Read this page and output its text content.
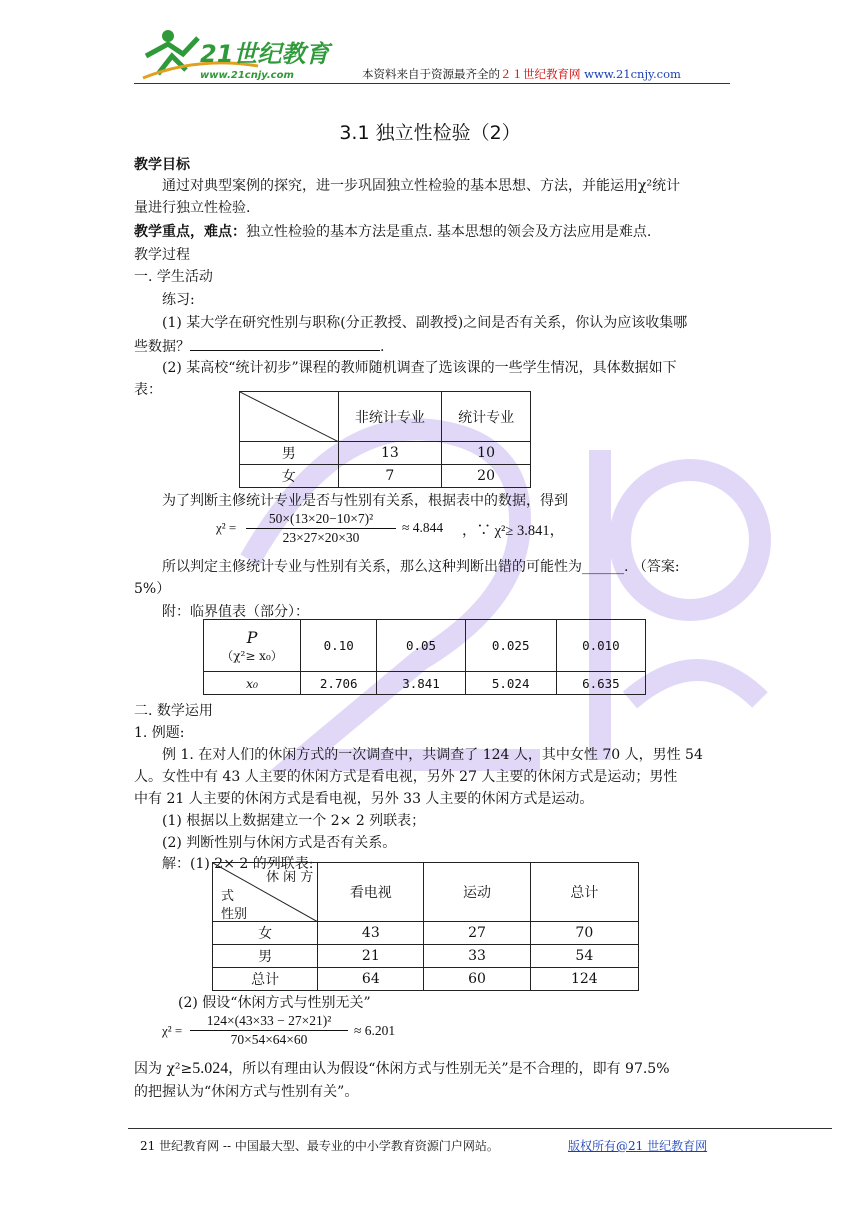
21世纪教育
www.21cnjy.com	本资料来自于资源最齐全的２１世纪教育网 www.21cnjy.com
3.1 独立性检验（2）
教学目标
通过对典型案例的探究，进一步巩固独立性检验的基本思想、方法，并能运用χ²统计
量进行独立性检验.
教学重点，难点：独立性检验的基本方法是重点. 基本思想的领会及方法应用是难点.
教学过程
一. 学生活动
练习:
(1) 某大学在研究性别与职称(分正教授、副教授)之间是否有关系，你认为应该收集哪
些数据？	.
(2) 某高校“统计初步”课程的教师随机调查了选该课的一些学生情况，具体数据如下
表：
	非统计专业	统计专业
男	13	10
女	7	20
为了判断主修统计专业是否与性别有关系，根据表中的数据，得到
χ² =
50×(13×20−10×7)²
23×27×20×30
≈ 4.844 ，∵ χ²≥ 3.841，
所以判定主修统计专业与性别有关系，那么这种判断出错的可能性为______. （答案:
5%）
附：临界值表（部分）：
P
（χ²≥ x₀）	0.10	0.05	0.025	0.010
x₀	2.706	3.841	5.024	6.635
二. 数学运用
1. 例题:
例 1. 在对人们的休闲方式的一次调查中，共调查了 124 人，其中女性 70 人，男性 54
人。女性中有 43 人主要的休闲方式是看电视，另外 27 人主要的休闲方式是运动；男性
中有 21 人主要的休闲方式是看电视，另外 33 人主要的休闲方式是运动。
(1) 根据以上数据建立一个 2× 2 列联表；
(2) 判断性别与休闲方式是否有关系。
解：(1) 2× 2 的列联表:
休 闲 方
式
性别	看电视	运动	总计
女	43	27	70
男	21	33	54
总计	64	60	124
(2) 假设“休闲方式与性别无关”
χ² =
124×(43×33 − 27×21)²
70×54×64×60
≈ 6.201
因为 χ²≥5.024，所以有理由认为假设“休闲方式与性别无关”是不合理的，即有 97.5%
的把握认为“休闲方式与性别有关”。
21 世纪教育网 -- 中国最大型、最专业的中小学教育资源门户网站。	版权所有@21 世纪教育网
